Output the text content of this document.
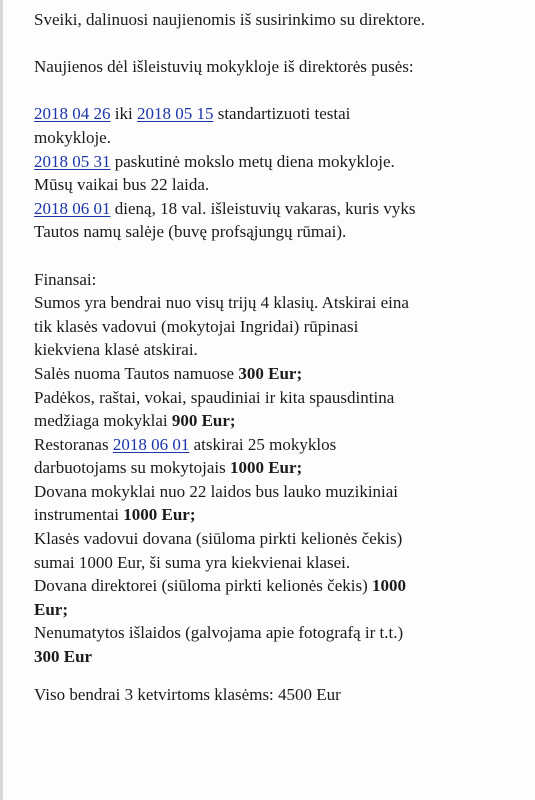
Sveiki, dalinuosi naujienomis iš susirinkimo su direktore.
Naujienos dėl išleistuvių mokykloje iš direktorės pusės:
2018 04 26 iki 2018 05 15 standartizuoti testai
mokykloje.
2018 05 31 paskutinė mokslo metų diena mokykloje.
Mūsų vaikai bus 22 laida.
2018 06 01 dieną, 18 val. išleistuvių vakaras, kuris vyks
Tautos namų salėje (buvę profsąjungų rūmai).
Finansai:
Sumos yra bendrai nuo visų trijų 4 klasių. Atskirai eina
tik klasės vadovui (mokytojai Ingridai) rūpinasi
kiekviena klasė atskirai.
Salės nuoma Tautos namuose 300 Eur;
Padėkos, raštai, vokai, spaudiniai ir kita spausdintina
medžiaga mokyklai 900 Eur;
Restoranas 2018 06 01 atskirai 25 mokyklos
darbuotojams su mokytojais 1000 Eur;
Dovana mokyklai nuo 22 laidos bus lauko muzikiniai
instrumentai 1000 Eur;
Klasės vadovui dovana (siūloma pirkti kelionės čekis)
sumai 1000 Eur, ši suma yra kiekvienai klasei.
Dovana direktorei (siūloma pirkti kelionės čekis) 1000
Eur;
Nenumatytos išlaidos (galvojama apie fotografą ir t.t.)
300 Eur
Viso bendrai 3 ketvirtoms klasėms: 4500 Eur
